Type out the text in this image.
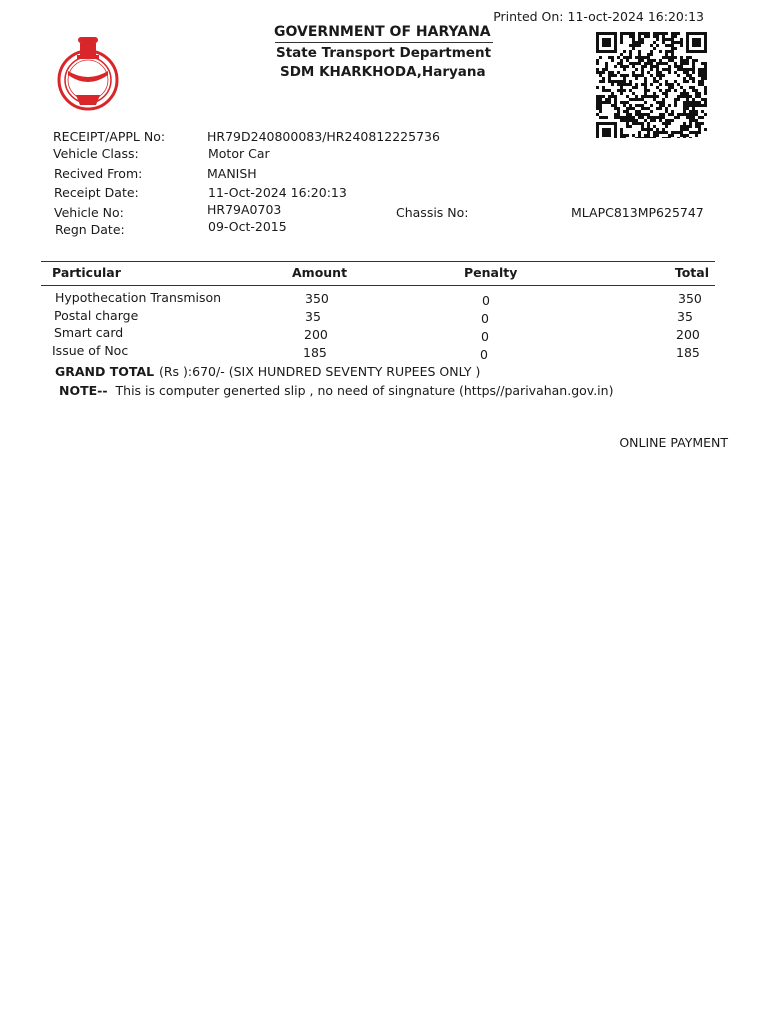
Printed On: 11-oct-2024 16:20:13
GOVERNMENT OF HARYANA
State Transport Department
SDM KHARKHODA,Haryana
RECEIPT/APPL No:	HR79D240800083/HR240812225736
Vehicle Class:	Motor Car
Recived From:	MANISH
Receipt Date:	11-Oct-2024 16:20:13
Vehicle No:	HR79A0703	Chassis No:	MLAPC813MP625747
Regn Date:	09-Oct-2015
Particular	Amount	Penalty	Total
Hypothecation Transmison	350	0	350
Postal charge	35	0	35
Smart card	200	0	200
Issue of Noc	185	0	185
GRAND TOTAL (Rs ):670/- (SIX HUNDRED SEVENTY RUPEES ONLY )
NOTE-- This is computer generted slip , no need of singnature (https//parivahan.gov.in)
ONLINE PAYMENT
